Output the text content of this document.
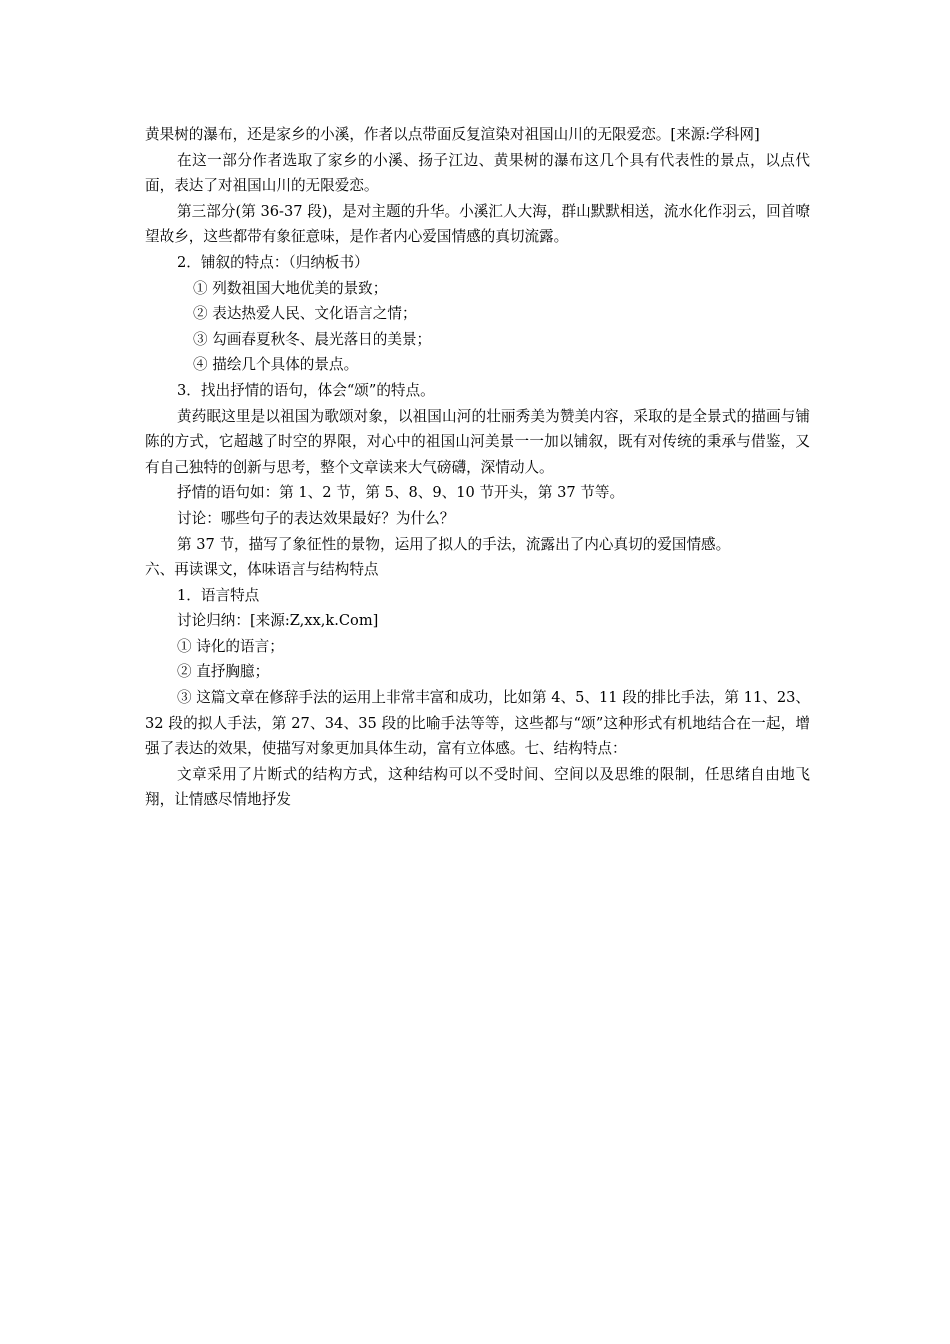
黄果树的瀑布，还是家乡的小溪，作者以点带面反复渲染对祖国山川的无限爱恋。[来源:学科网]

在这一部分作者选取了家乡的小溪、扬子江边、黄果树的瀑布这几个具有代表性的景点，以点代面，表达了对祖国山川的无限爱恋。

第三部分(第 36-37 段)，是对主题的升华。小溪汇人大海，群山默默相送，流水化作羽云，回首嘹望故乡，这些都带有象征意味，是作者内心爱国情感的真切流露。

2．铺叙的特点：（归纳板书）

① 列数祖国大地优美的景致；

② 表达热爱人民、文化语言之情；

③ 勾画春夏秋冬、晨光落日的美景；

④ 描绘几个具体的景点。

3．找出抒情的语句，体会“颂”的特点。

黄药眠这里是以祖国为歌颂对象，以祖国山河的壮丽秀美为赞美内容，采取的是全景式的描画与铺陈的方式，它超越了时空的界限，对心中的祖国山河美景一一加以铺叙，既有对传统的秉承与借鉴，又有自己独特的创新与思考，整个文章读来大气磅礴，深情动人。

抒情的语句如：第 1、2 节，第 5、8、9、10 节开头，第 37 节等。

讨论：哪些句子的表达效果最好？为什么？

第 37 节，描写了象征性的景物，运用了拟人的手法，流露出了内心真切的爱国情感。

六、再读课文，体味语言与结构特点

1．语言特点

讨论归纳：[来源:Z,xx,k.Com]

① 诗化的语言；

② 直抒胸臆；

③ 这篇文章在修辞手法的运用上非常丰富和成功，比如第 4、5、11 段的排比手法，第 11、23、32 段的拟人手法，第 27、34、35 段的比喻手法等等，这些都与“颂”这种形式有机地结合在一起，增强了表达的效果，使描写对象更加具体生动，富有立体感。七、结构特点：

文章采用了片断式的结构方式，这种结构可以不受时间、空间以及思维的限制，任思绪自由地飞翔，让情感尽情地抒发
